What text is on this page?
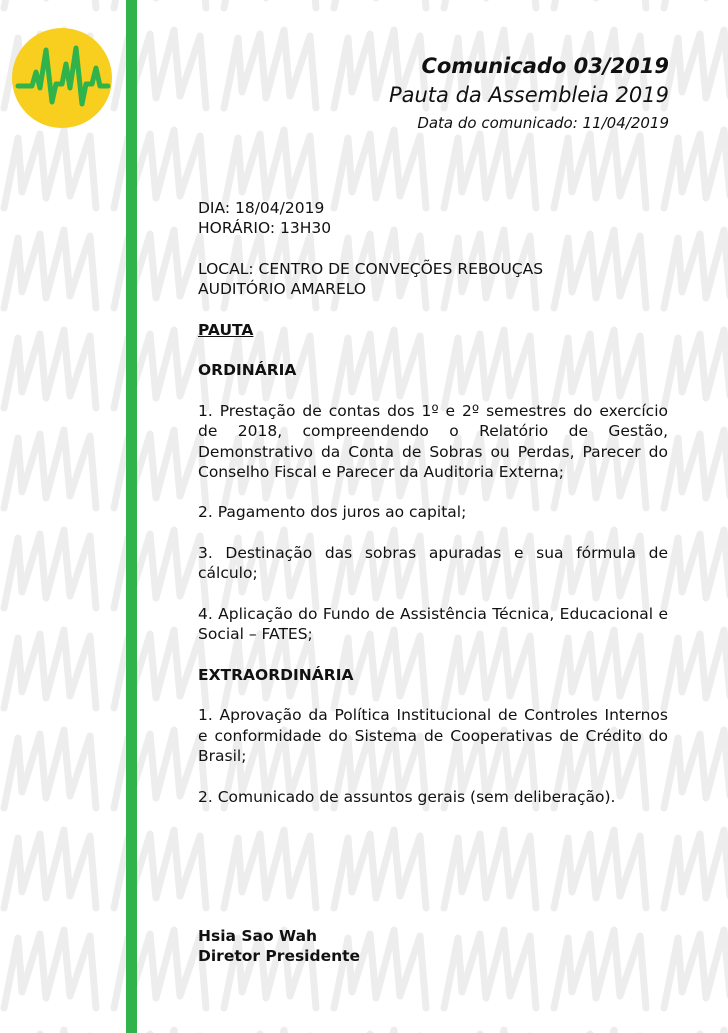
Comunicado 03/2019
Pauta da Assembleia 2019
Data do comunicado: 11/04/2019

DIA: 18/04/2019
HORÁRIO: 13H30

LOCAL: CENTRO DE CONVEÇÕES REBOUÇAS
AUDITÓRIO AMARELO

PAUTA

ORDINÁRIA

1. Prestação de contas dos 1º e 2º semestres do exercício de 2018, compreendendo o Relatório de Gestão, Demonstrativo da Conta de Sobras ou Perdas, Parecer do Conselho Fiscal e Parecer da Auditoria Externa;

2. Pagamento dos juros ao capital;

3. Destinação das sobras apuradas e sua fórmula de cálculo;

4. Aplicação do Fundo de Assistência Técnica, Educacional e Social – FATES;

EXTRAORDINÁRIA

1. Aprovação da Política Institucional de Controles Internos e conformidade do Sistema de Cooperativas de Crédito do Brasil;

2. Comunicado de assuntos gerais (sem deliberação).

Hsia Sao Wah
Diretor Presidente
